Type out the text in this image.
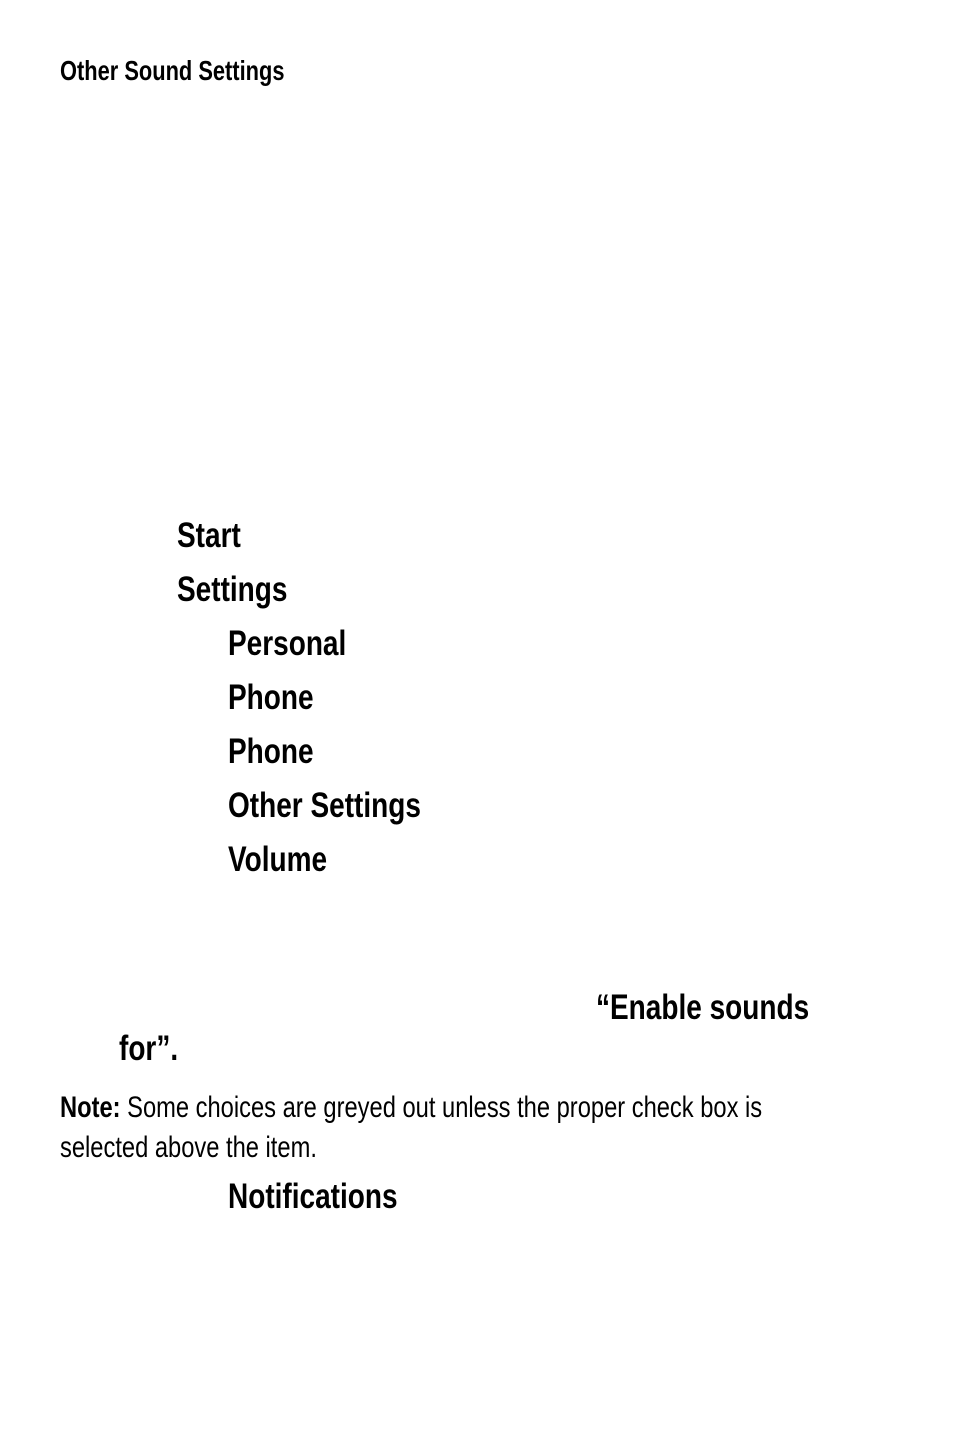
Other Sound Settings
Start
Settings
Personal
Phone
Phone
Other Settings
Volume
“Enable sounds
for”.
Note: Some choices are greyed out unless the proper check box is
selected above the item.
Notifications
